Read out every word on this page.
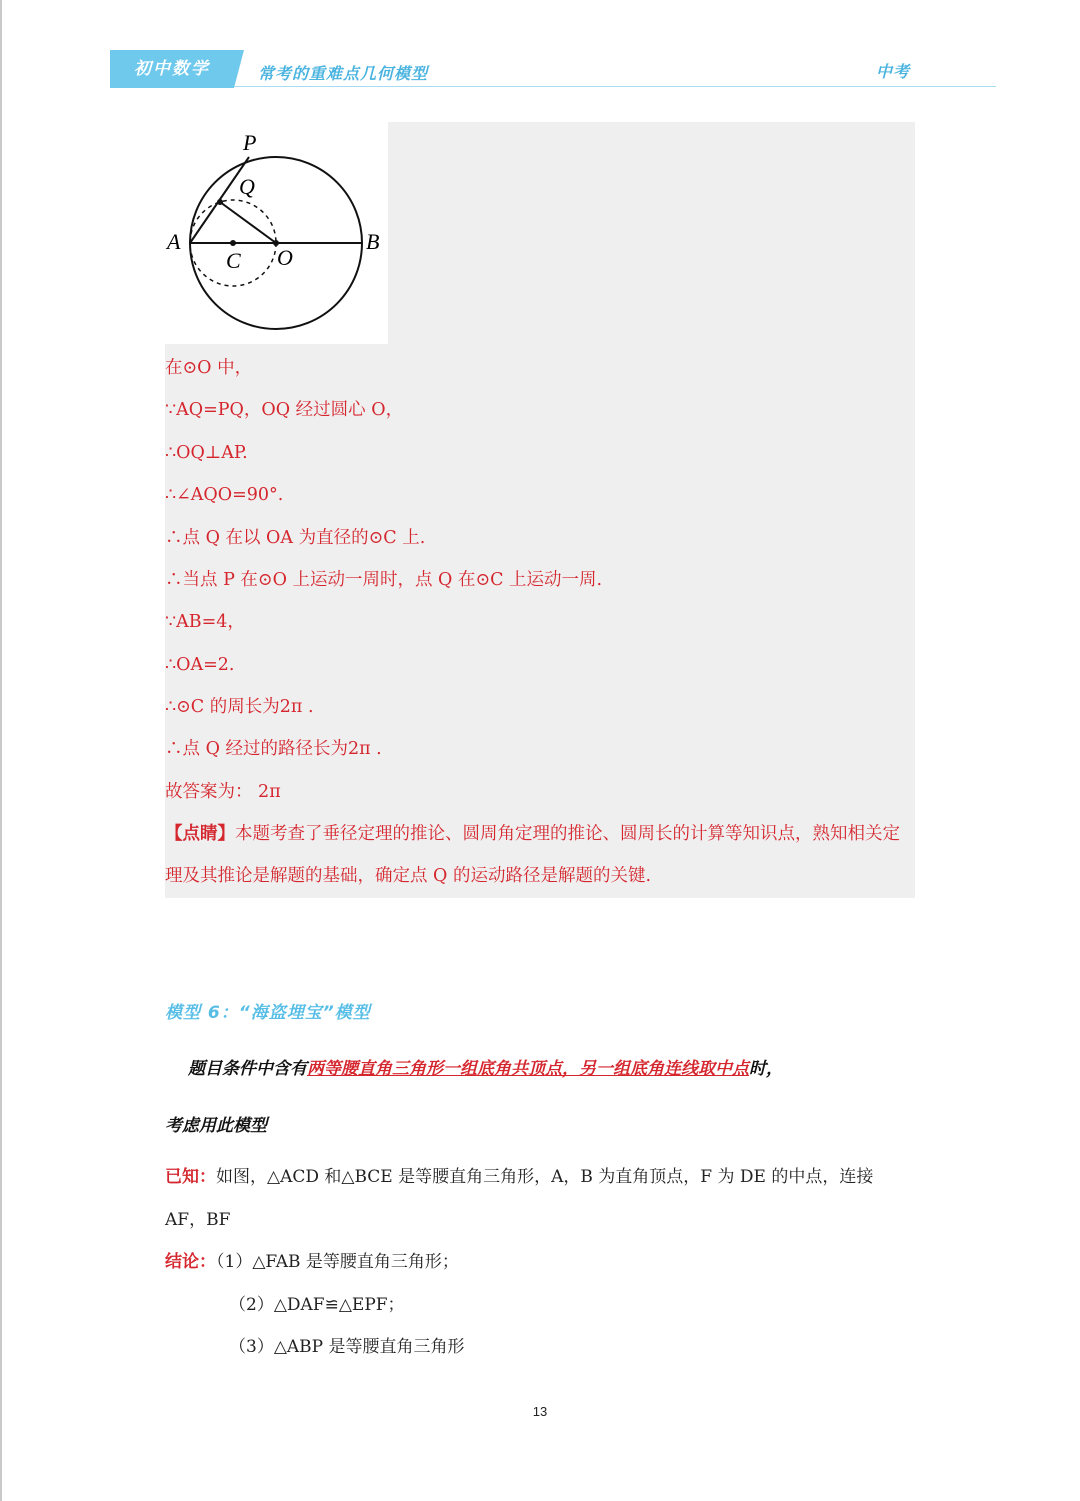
初中数学	常考的重难点几何模型	中考
P
Q
A	B
C O
在⊙O 中，
∵AQ=PQ，OQ 经过圆心 O，
∴OQ⊥AP.
∴∠AQO=90°.
∴点 Q 在以 OA 为直径的⊙C 上.
∴当点 P 在⊙O 上运动一周时，点 Q 在⊙C 上运动一周.
∵AB=4，
∴OA=2.
∴⊙C 的周长为2π .
∴点 Q 经过的路径长为2π .
故答案为： 2π
【点睛】本题考查了垂径定理的推论、圆周角定理的推论、圆周长的计算等知识点，熟知相关定理及其推论是解题的基础，确定点 Q 的运动路径是解题的关键.
模型 6：“海盗埋宝”模型
题目条件中含有两等腰直角三角形一组底角共顶点，另一组底角连线取中点时，
考虑用此模型
已知：如图，△ACD 和△BCE 是等腰直角三角形，A，B 为直角顶点，F 为 DE 的中点，连接
AF，BF
结论：（1）△FAB 是等腰直角三角形；
（2）△DAF≌△EPF；
（3）△ABP 是等腰直角三角形
13
